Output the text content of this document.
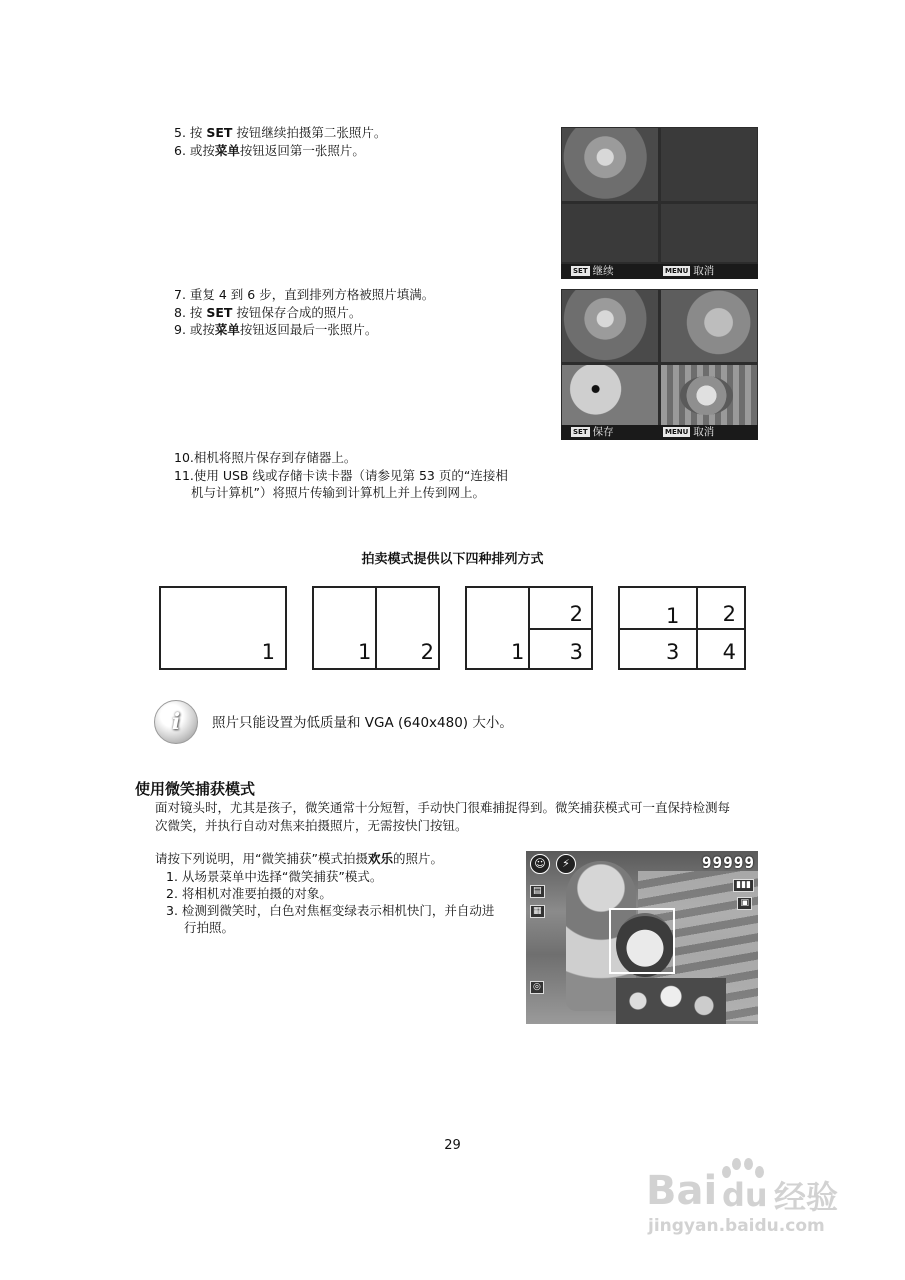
5. 按 SET 按钮继续拍摄第二张照片。
6. 或按菜单按钮返回第一张照片。
SET 继续	MENU 取消
7. 重复 4 到 6 步，直到排列方格被照片填满。
8. 按 SET 按钮保存合成的照片。
9. 或按菜单按钮返回最后一张照片。
SET 保存	MENU 取消
10.相机将照片保存到存储器上。
11.使用 USB 线或存储卡读卡器（请参见第 53 页的“连接相
机与计算机”）将照片传输到计算机上并上传到网上。
拍卖模式提供以下四种排列方式
1	1 2	1
2
3
1 2
3 4
i 照片只能设置为低质量和 VGA (640x480) 大小。
使用微笑捕获模式
面对镜头时，尤其是孩子，微笑通常十分短暂，手动快门很难捕捉得到。微笑捕获模式可一直保持检测每
次微笑，并执行自动对焦来拍摄照片，无需按快门按钮。
请按下列说明，用“微笑捕获”模式拍摄欢乐的照片。
1. 从场景菜单中选择“微笑捕获”模式。
2. 将相机对准要拍摄的对象。
3. 检测到微笑时，白色对焦框变绿表示相机快门，并自动进
行拍照。
☺	⚡	99999
▮▮▮
▣
▤
▦
◎
29
Bai du 经验
jingyan.baidu.com
